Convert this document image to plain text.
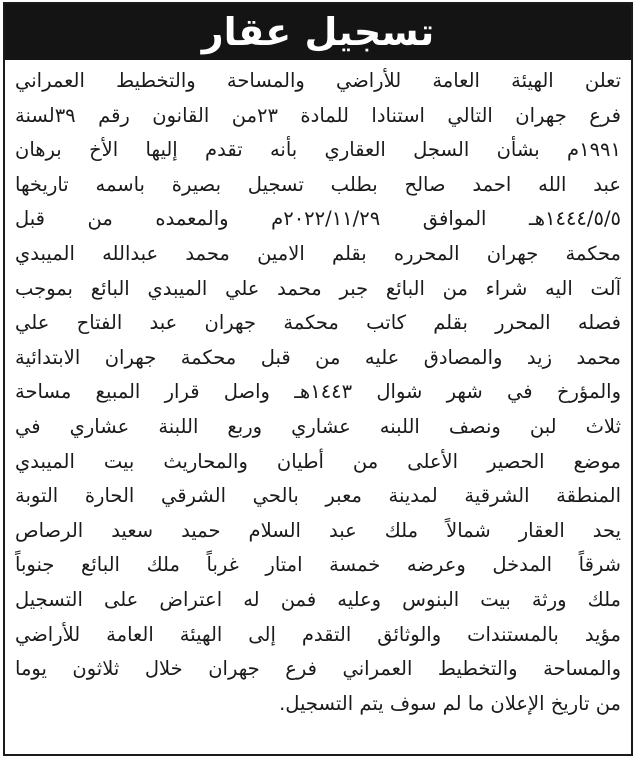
تسجيل عقار
تعلن الهيئة العامة للأراضي والمساحة والتخطيط العمراني
فرع جهران التالي استنادا للمادة ٢٣من القانون رقم ٣٩لسنة
١٩٩١م بشأن السجل العقاري بأنه تقدم إليها الأخ برهان
عبد الله احمد صالح بطلب تسجيل بصيرة باسمه تاريخها
١٤٤٤/٥/٥هـ الموافق ٢٠٢٢/١١/٢٩م والمعمده من قبل
محكمة جهران المحرره بقلم الامين محمد عبدالله الميبدي
آلت اليه شراء من البائع جبر محمد علي الميبدي البائع بموجب
فصله المحرر بقلم كاتب محكمة جهران عبد الفتاح علي
محمد زيد والمصادق عليه من قبل محكمة جهران الابتدائية
والمؤرخ في شهر شوال ١٤٤٣هـ واصل قرار المبيع مساحة
ثلاث لبن ونصف اللبنه عشاري وربع اللبنة عشاري في
موضع الحصير الأعلى من أطيان والمحاريث بيت الميبدي
المنطقة الشرقية لمدينة معبر بالحي الشرقي الحارة التوبة
يحد العقار شمالاً ملك عبد السلام حميد سعيد الرصاص
شرقاً المدخل وعرضه خمسة امتار غرباً ملك البائع جنوباً
ملك ورثة بيت البنوس وعليه فمن له اعتراض على التسجيل
مؤيد بالمستندات والوثائق التقدم إلى الهيئة العامة للأراضي
والمساحة والتخطيط العمراني فرع جهران خلال ثلاثون يوما
من تاريخ الإعلان ما لم سوف يتم التسجيل.
